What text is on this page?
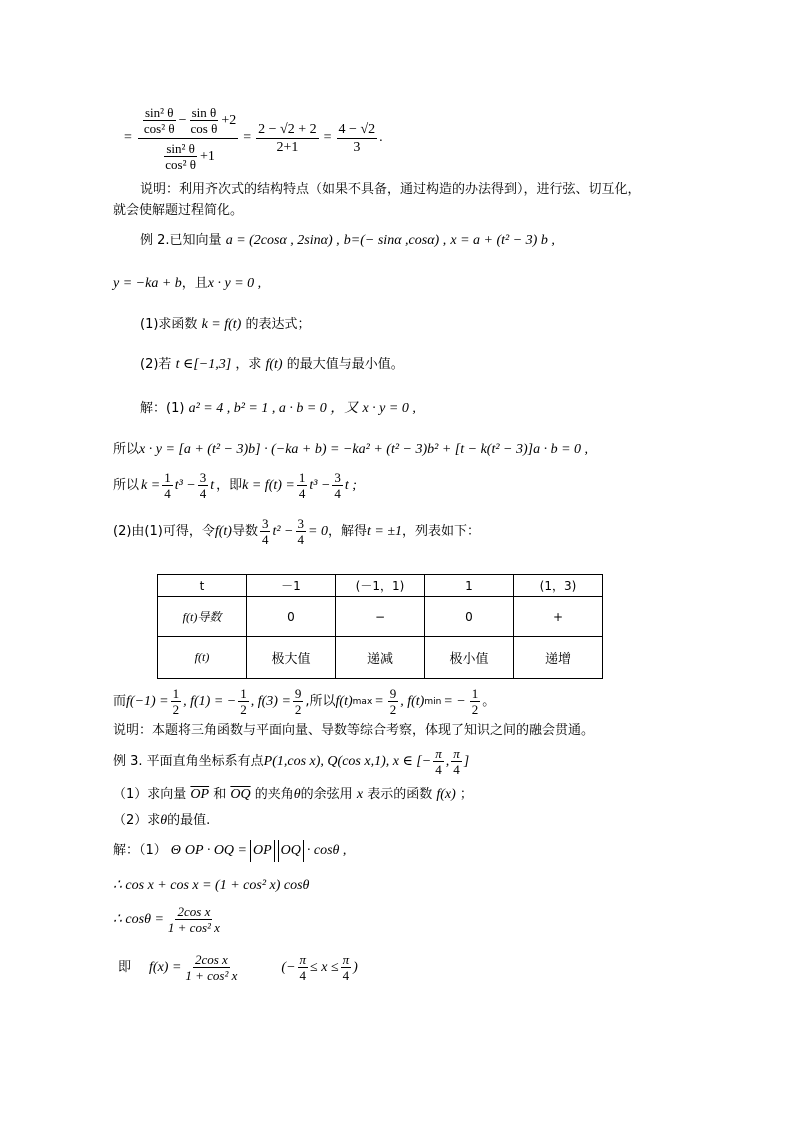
= $\frac{\frac{\text{sin² θ}}{\text{cos² θ}} - \frac{\text{sin θ}}{\text{cos θ}} +2}{\frac{\text{sin² θ}}{\text{cos² θ}} +1} = \frac{2 - √2 + 2}{2+1} = \frac{4 - √2}{3}$ .
说明：利用齐次式的结构特点（如果不具备，通过构造的办法得到），进行弦、切互化，
就会使解题过程简化。
例 2.已知向量 a = (2cosα , 2sinα) , b=(− sinα ,cosα) , x = a + (t² − 3) b ,
y = −ka + b，且x · y = 0 ,
(1)求函数 k = f(t) 的表达式；
(2)若 t ∈[−1,3] ，求 f(t) 的最大值与最小值。
解：(1) a² = 4 , b² = 1 , a · b = 0 ，又 x · y = 0 ,
所以x · y = [a + (t² − 3)b] · (−ka + b) = −ka² + (t² − 3)b² + [t − k(t² − 3)]a · b = 0 ,
所以 $k = \frac{1}{4} t^3 - \frac{3}{4}$ t ，即 $k = f(t) = \frac{1}{4} t^3 - \frac{3}{4}$ t ;
(2)由(1)可得，令 f(t) 导数 $\frac{3}{4} t^2 - \frac{3}{4} = 0$ ，解得 t = ±1 ，列表如下：
t	－1	(－1，1)	1	(1，3)
f(t)导数	0	−	0	+
f(t)	极大值	递减	极小值	递增
而 $f(-1) = \frac{1}{2}$ , f(1) = − $\frac{1}{2}$ , $f(3) = \frac{9}{2}$ ,所以 f(t) $\max = \frac{9}{2}$ , f(t) min = − $\frac{1}{2}$ 。
说明：本题将三角函数与平面向量、导数等综合考察，体现了知识之间的融会贯通。
例 3. 平面直角坐标系有点 P(1,cos x), Q(cos x,1), x ∈ [− $\frac{\pi}{4}$ , $\frac{\pi}{4}$ ]
（1）求向量 $\overline{OP}$ 和 $\overline{OQ}$ 的夹角θ的余弦用 x 表示的函数 f(x) ；
（2）求θ的最值.
解：（1） Θ OP · OQ = OP OQ · cosθ ,
∴ cos x + cos x = (1 + cos² x) cosθ
∴ $\cos\theta = \frac{\text{2cos x}}{\text{1 + cos² x}}$
即 $f(x) = \frac{\text{2cos x}}{\text{1 + cos² x}}$	(− $\frac{\pi}{4} \le x \le \frac{\pi}{4}$ )
